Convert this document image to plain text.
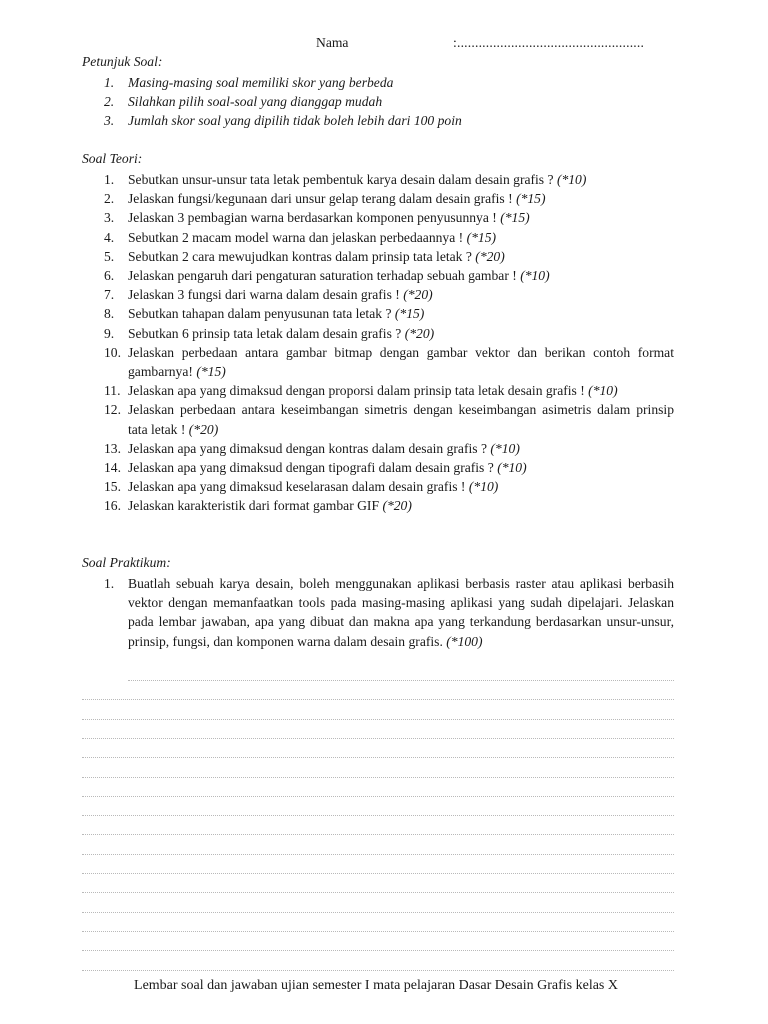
Nama	:....................................................
Petunjuk Soal:
1. Masing-masing soal memiliki skor yang berbeda
2. Silahkan pilih soal-soal yang dianggap mudah
3. Jumlah skor soal yang dipilih tidak boleh lebih dari 100 poin
Soal Teori:
1. Sebutkan unsur-unsur tata letak pembentuk karya desain dalam desain grafis ? (*10)
2. Jelaskan fungsi/kegunaan dari unsur gelap terang dalam desain grafis ! (*15)
3. Jelaskan 3 pembagian warna berdasarkan komponen penyusunnya ! (*15)
4. Sebutkan 2 macam model warna dan jelaskan perbedaannya ! (*15)
5. Sebutkan 2 cara mewujudkan kontras dalam prinsip tata letak ? (*20)
6. Jelaskan pengaruh dari pengaturan saturation terhadap sebuah gambar ! (*10)
7. Jelaskan 3 fungsi dari warna dalam desain grafis ! (*20)
8. Sebutkan tahapan dalam penyusunan tata letak ? (*15)
9. Sebutkan 6 prinsip tata letak dalam desain grafis ? (*20)
10. Jelaskan perbedaan antara gambar bitmap dengan gambar vektor dan berikan contoh format gambarnya! (*15)
11. Jelaskan apa yang dimaksud dengan proporsi dalam prinsip tata letak desain grafis ! (*10)
12. Jelaskan perbedaan antara keseimbangan simetris dengan keseimbangan asimetris dalam prinsip tata letak ! (*20)
13. Jelaskan apa yang dimaksud dengan kontras dalam desain grafis ? (*10)
14. Jelaskan apa yang dimaksud dengan tipografi dalam desain grafis ? (*10)
15. Jelaskan apa yang dimaksud keselarasan dalam desain grafis ! (*10)
16. Jelaskan karakteristik dari format gambar GIF (*20)
Soal Praktikum:
1. Buatlah sebuah karya desain, boleh menggunakan aplikasi berbasis raster atau aplikasi berbasih vektor dengan memanfaatkan tools pada masing-masing aplikasi yang sudah dipelajari. Jelaskan pada lembar jawaban, apa yang dibuat dan makna apa yang terkandung berdasarkan unsur-unsur, prinsip, fungsi, dan komponen warna dalam desain grafis. (*100)
Lembar soal dan jawaban ujian semester I mata pelajaran Dasar Desain Grafis kelas X
